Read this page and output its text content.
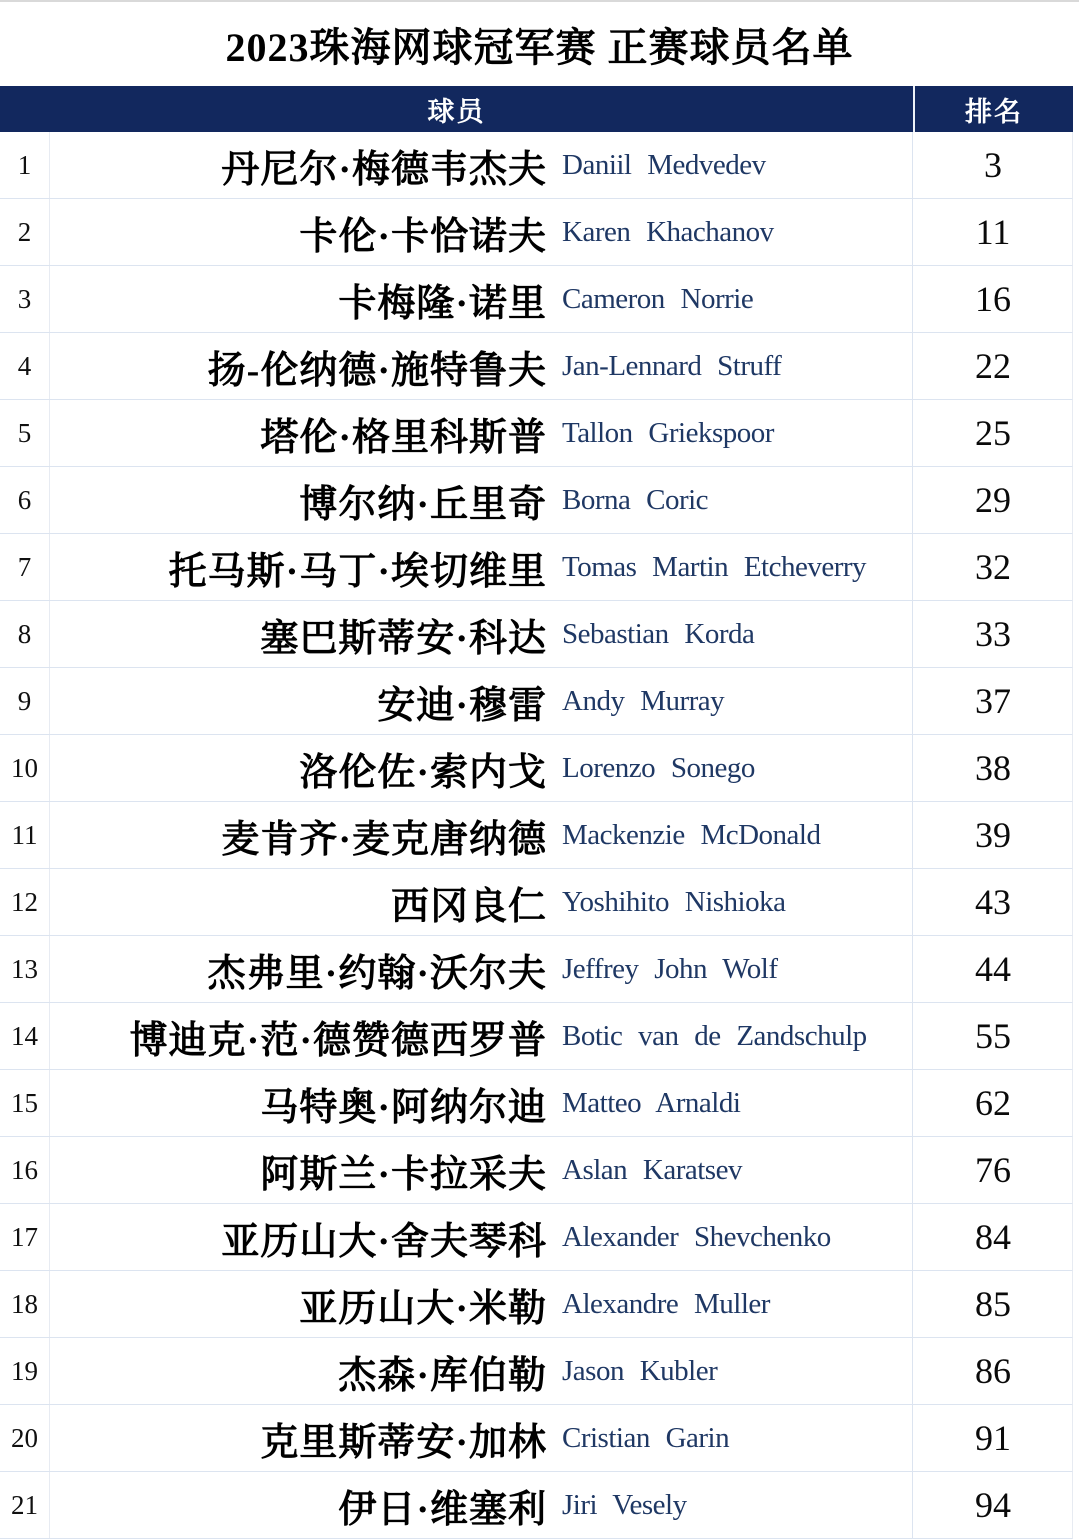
2023珠海网球冠军赛 正赛球员名单
球员	排名
1	丹尼尔·梅德韦杰夫 Daniil Medvedev	3
2	卡伦·卡恰诺夫 Karen Khachanov	11
3	卡梅隆·诺里 Cameron Norrie	16
4	扬-伦纳德·施特鲁夫 Jan-Lennard Struff	22
5	塔伦·格里科斯普 Tallon Griekspoor	25
6	博尔纳·丘里奇 Borna Coric	29
7	托马斯·马丁·埃切维里 Tomas Martin Etcheverry	32
8	塞巴斯蒂安·科达 Sebastian Korda	33
9	安迪·穆雷 Andy Murray	37
10	洛伦佐·索内戈 Lorenzo Sonego	38
11	麦肯齐·麦克唐纳德 Mackenzie McDonald	39
12	西冈良仁 Yoshihito Nishioka	43
13	杰弗里·约翰·沃尔夫 Jeffrey John Wolf	44
14	博迪克·范·德赞德西罗普 Botic van de Zandschulp	55
15	马特奥·阿纳尔迪 Matteo Arnaldi	62
16	阿斯兰·卡拉采夫 Aslan Karatsev	76
17	亚历山大·舍夫琴科 Alexander Shevchenko	84
18	亚历山大·米勒 Alexandre Muller	85
19	杰森·库伯勒 Jason Kubler	86
20	克里斯蒂安·加林 Cristian Garin	91
21	伊日·维塞利 Jiri Vesely	94
